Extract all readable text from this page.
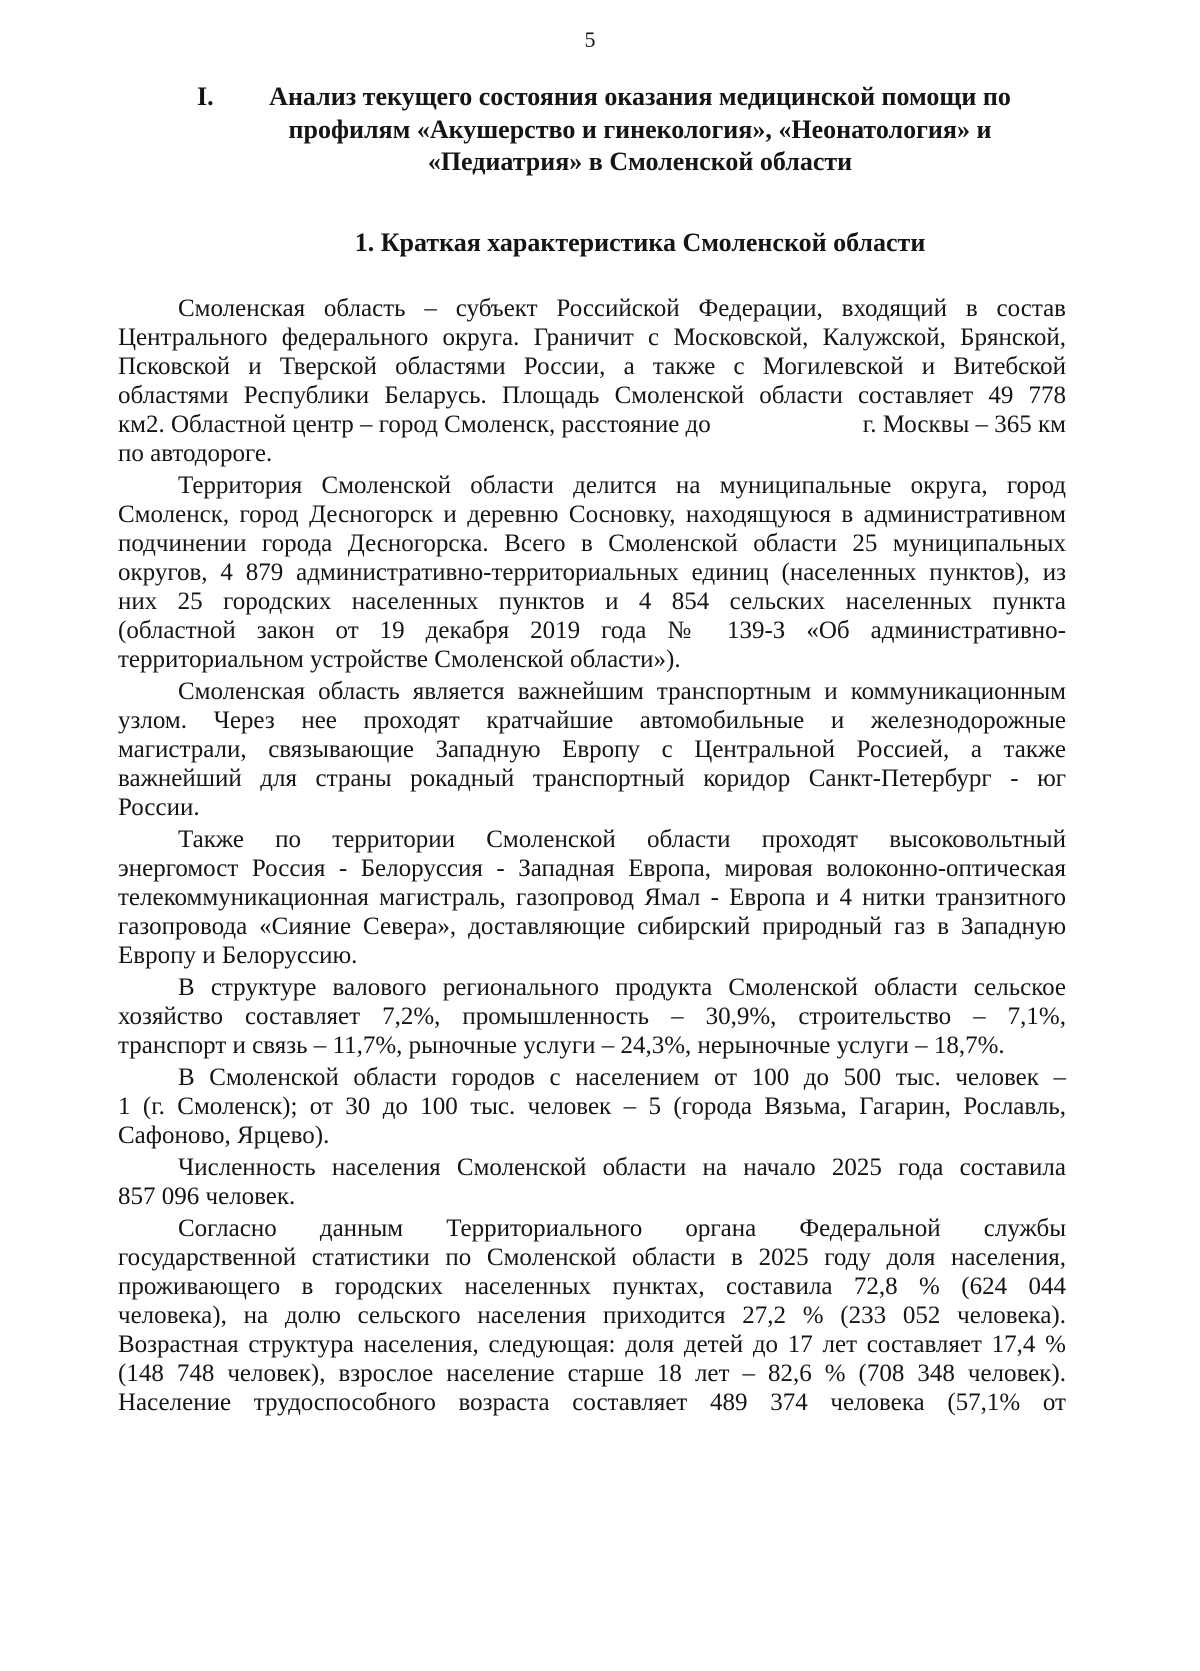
5
I.	Анализ текущего состояния оказания медицинской помощи по
профилям «Акушерство и гинекология», «Неонатология» и
«Педиатрия» в Смоленской области
1. Краткая характеристика Смоленской области
Смоленская область – субъект Российской Федерации, входящий в состав
Центрального федерального округа. Граничит с Московской, Калужской, Брянской,
Псковской и Тверской областями России, а также с Могилевской и Витебской
областями Республики Беларусь. Площадь Смоленской области составляет 49 778
км2. Областной центр – город Смоленск, расстояние до	г. Москвы – 365 км
по автодороге.
Территория Смоленской области делится на муниципальные округа, город
Смоленск, город Десногорск и деревню Сосновку, находящуюся в административном
подчинении города Десногорска. Всего в Смоленской области 25 муниципальных
округов, 4 879 административно-территориальных единиц (населенных пунктов), из
них 25 городских населенных пунктов и 4 854 сельских населенных пункта
(областной закон от 19 декабря 2019 года № 139-З «Об административно-
территориальном устройстве Смоленской области»).
Смоленская область является важнейшим транспортным и коммуникационным
узлом. Через нее проходят кратчайшие автомобильные и железнодорожные
магистрали, связывающие Западную Европу с Центральной Россией, а также
важнейший для страны рокадный транспортный коридор Санкт-Петербург - юг
России.
Также по территории Смоленской области проходят высоковольтный
энергомост Россия - Белоруссия - Западная Европа, мировая волоконно-оптическая
телекоммуникационная магистраль, газопровод Ямал - Европа и 4 нитки транзитного
газопровода «Сияние Севера», доставляющие сибирский природный газ в Западную
Европу и Белоруссию.
В структуре валового регионального продукта Смоленской области сельское
хозяйство составляет 7,2%, промышленность – 30,9%, строительство – 7,1%,
транспорт и связь – 11,7%, рыночные услуги – 24,3%, нерыночные услуги – 18,7%.
В Смоленской области городов с населением от 100 до 500 тыс. человек –
1 (г. Смоленск); от 30 до 100 тыс. человек – 5 (города Вязьма, Гагарин, Рославль,
Сафоново, Ярцево).
Численность населения Смоленской области на начало 2025 года составила
857 096 человек.
Согласно данным Территориального органа Федеральной службы
государственной статистики по Смоленской области в 2025 году доля населения,
проживающего в городских населенных пунктах, составила 72,8 % (624 044
человека), на долю сельского населения приходится 27,2 % (233 052 человека).
Возрастная структура населения, следующая: доля детей до 17 лет составляет 17,4 %
(148 748 человек), взрослое население старше 18 лет – 82,6 % (708 348 человек).
Население трудоспособного возраста составляет 489 374 человека (57,1% от
